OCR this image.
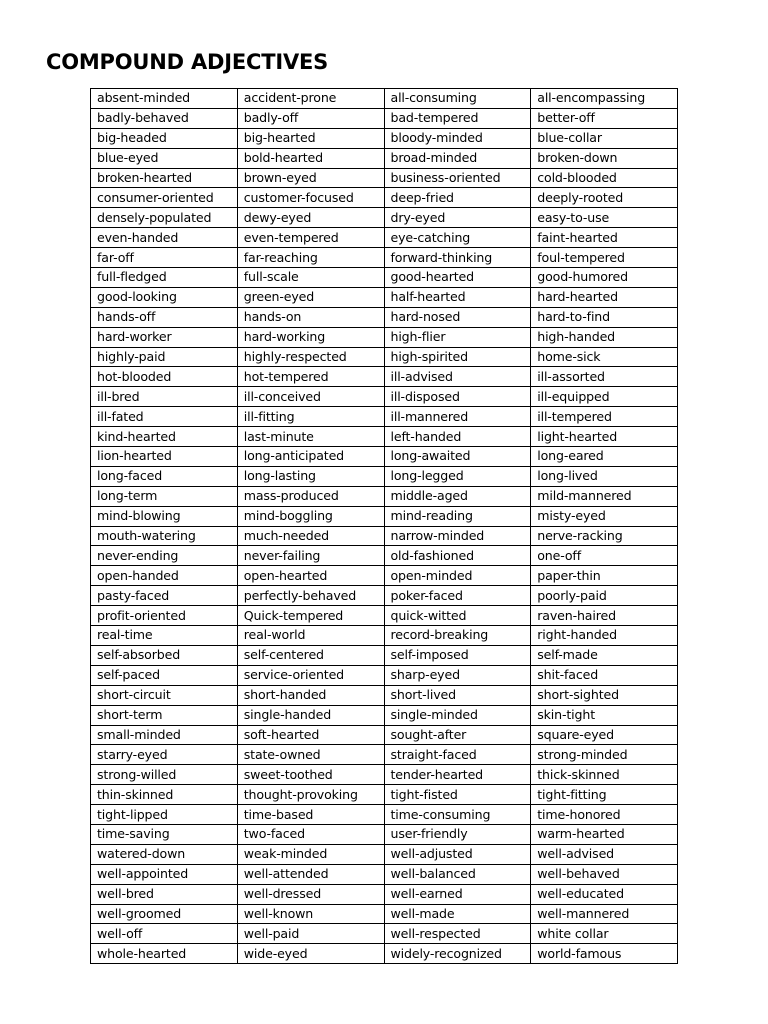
COMPOUND ADJECTIVES
absent-minded	accident-prone	all-consuming	all-encompassing
badly-behaved	badly-off	bad-tempered	better-off
big-headed	big-hearted	bloody-minded	blue-collar
blue-eyed	bold-hearted	broad-minded	broken-down
broken-hearted	brown-eyed	business-oriented	cold-blooded
consumer-oriented	customer-focused	deep-fried	deeply-rooted
densely-populated	dewy-eyed	dry-eyed	easy-to-use
even-handed	even-tempered	eye-catching	faint-hearted
far-off	far-reaching	forward-thinking	foul-tempered
full-fledged	full-scale	good-hearted	good-humored
good-looking	green-eyed	half-hearted	hard-hearted
hands-off	hands-on	hard-nosed	hard-to-find
hard-worker	hard-working	high-flier	high-handed
highly-paid	highly-respected	high-spirited	home-sick
hot-blooded	hot-tempered	ill-advised	ill-assorted
ill-bred	ill-conceived	ill-disposed	ill-equipped
ill-fated	ill-fitting	ill-mannered	ill-tempered
kind-hearted	last-minute	left-handed	light-hearted
lion-hearted	long-anticipated	long-awaited	long-eared
long-faced	long-lasting	long-legged	long-lived
long-term	mass-produced	middle-aged	mild-mannered
mind-blowing	mind-boggling	mind-reading	misty-eyed
mouth-watering	much-needed	narrow-minded	nerve-racking
never-ending	never-failing	old-fashioned	one-off
open-handed	open-hearted	open-minded	paper-thin
pasty-faced	perfectly-behaved	poker-faced	poorly-paid
profit-oriented	Quick-tempered	quick-witted	raven-haired
real-time	real-world	record-breaking	right-handed
self-absorbed	self-centered	self-imposed	self-made
self-paced	service-oriented	sharp-eyed	shit-faced
short-circuit	short-handed	short-lived	short-sighted
short-term	single-handed	single-minded	skin-tight
small-minded	soft-hearted	sought-after	square-eyed
starry-eyed	state-owned	straight-faced	strong-minded
strong-willed	sweet-toothed	tender-hearted	thick-skinned
thin-skinned	thought-provoking	tight-fisted	tight-fitting
tight-lipped	time-based	time-consuming	time-honored
time-saving	two-faced	user-friendly	warm-hearted
watered-down	weak-minded	well-adjusted	well-advised
well-appointed	well-attended	well-balanced	well-behaved
well-bred	well-dressed	well-earned	well-educated
well-groomed	well-known	well-made	well-mannered
well-off	well-paid	well-respected	white collar
whole-hearted	wide-eyed	widely-recognized	world-famous
